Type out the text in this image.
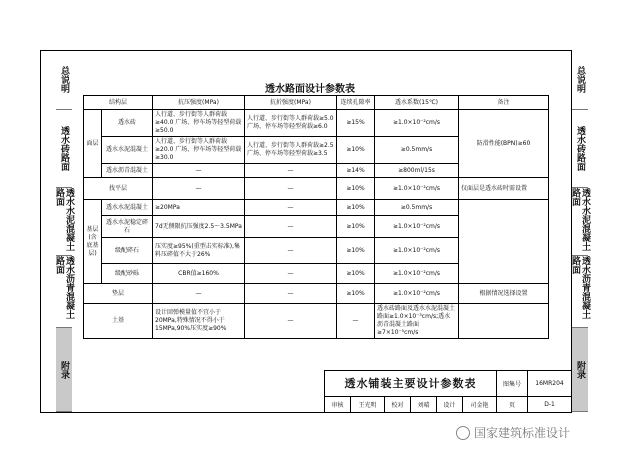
总说明
透水砖路面
透水水泥混凝土路面
透水沥青混凝土路面
附录
总说明
透水砖路面
透水水泥混凝土路面
透水沥青混凝土路面
附录
透水路面设计参数表
结构层		抗压强度(MPa)	抗折强度(MPa)	连续孔隙率	透水系数(15℃)	备注
面层	透水砖	人行道、步行街等人群荷载≥40.0 广场、停车场等轻型荷载≥50.0	人行道、步行街等人群荷载≥5.0 广场、停车场等轻型荷载≥6.0	≥15%	≥1.0×10⁻²cm/s	防滑性能(BPN)≥60
	透水水泥混凝土	人行道、步行街等人群荷载≥20.0 广场、停车场等轻型荷载≥30.0	人行道、步行街等人群荷载≥2.5 广场、停车场等轻型荷载≥3.5	≥10%	≥0.5mm/s	
	透水沥青混凝土	—	—	≥14%	≥800ml/15s	
找平层		—	—	≥10%	≥1.0×10⁻²cm/s	仅面层是透水砖时需设置
基层(含底基层)	透水水泥混凝土	≥20MPa	—	≥10%	≥0.5mm/s	
	透水水泥稳定碎石	7d无侧限抗压强度2.5～3.5MPa	—	≥10%	≥1.0×10⁻²cm/s	
	级配碎石	压实度≥95%(重型击实标准),集料压碎值不大于26%	—	≥10%	≥1.0×10⁻²cm/s	
	级配砂砾	CBR值≥160%	—	≥10%	≥1.0×10⁻²cm/s	
垫层		—	—	≥10%	≥1.0×10⁻²cm/s	根据情况选择设置
土基		设计回弹模量值不宜小于20MPa,特殊情况不得小于15MPa,90%压实度≥90%	—	—	透水砖路面及透水水泥混凝土路面≥1.0×10⁻³cm/s;透水沥青混凝土路面≥7×10⁻⁵cm/s	
透水铺装主要设计参数表						图集号	16MR204
审核	王光明	校对	刘晴	设计	司金艳	页	D-1
国家建筑标准设计
